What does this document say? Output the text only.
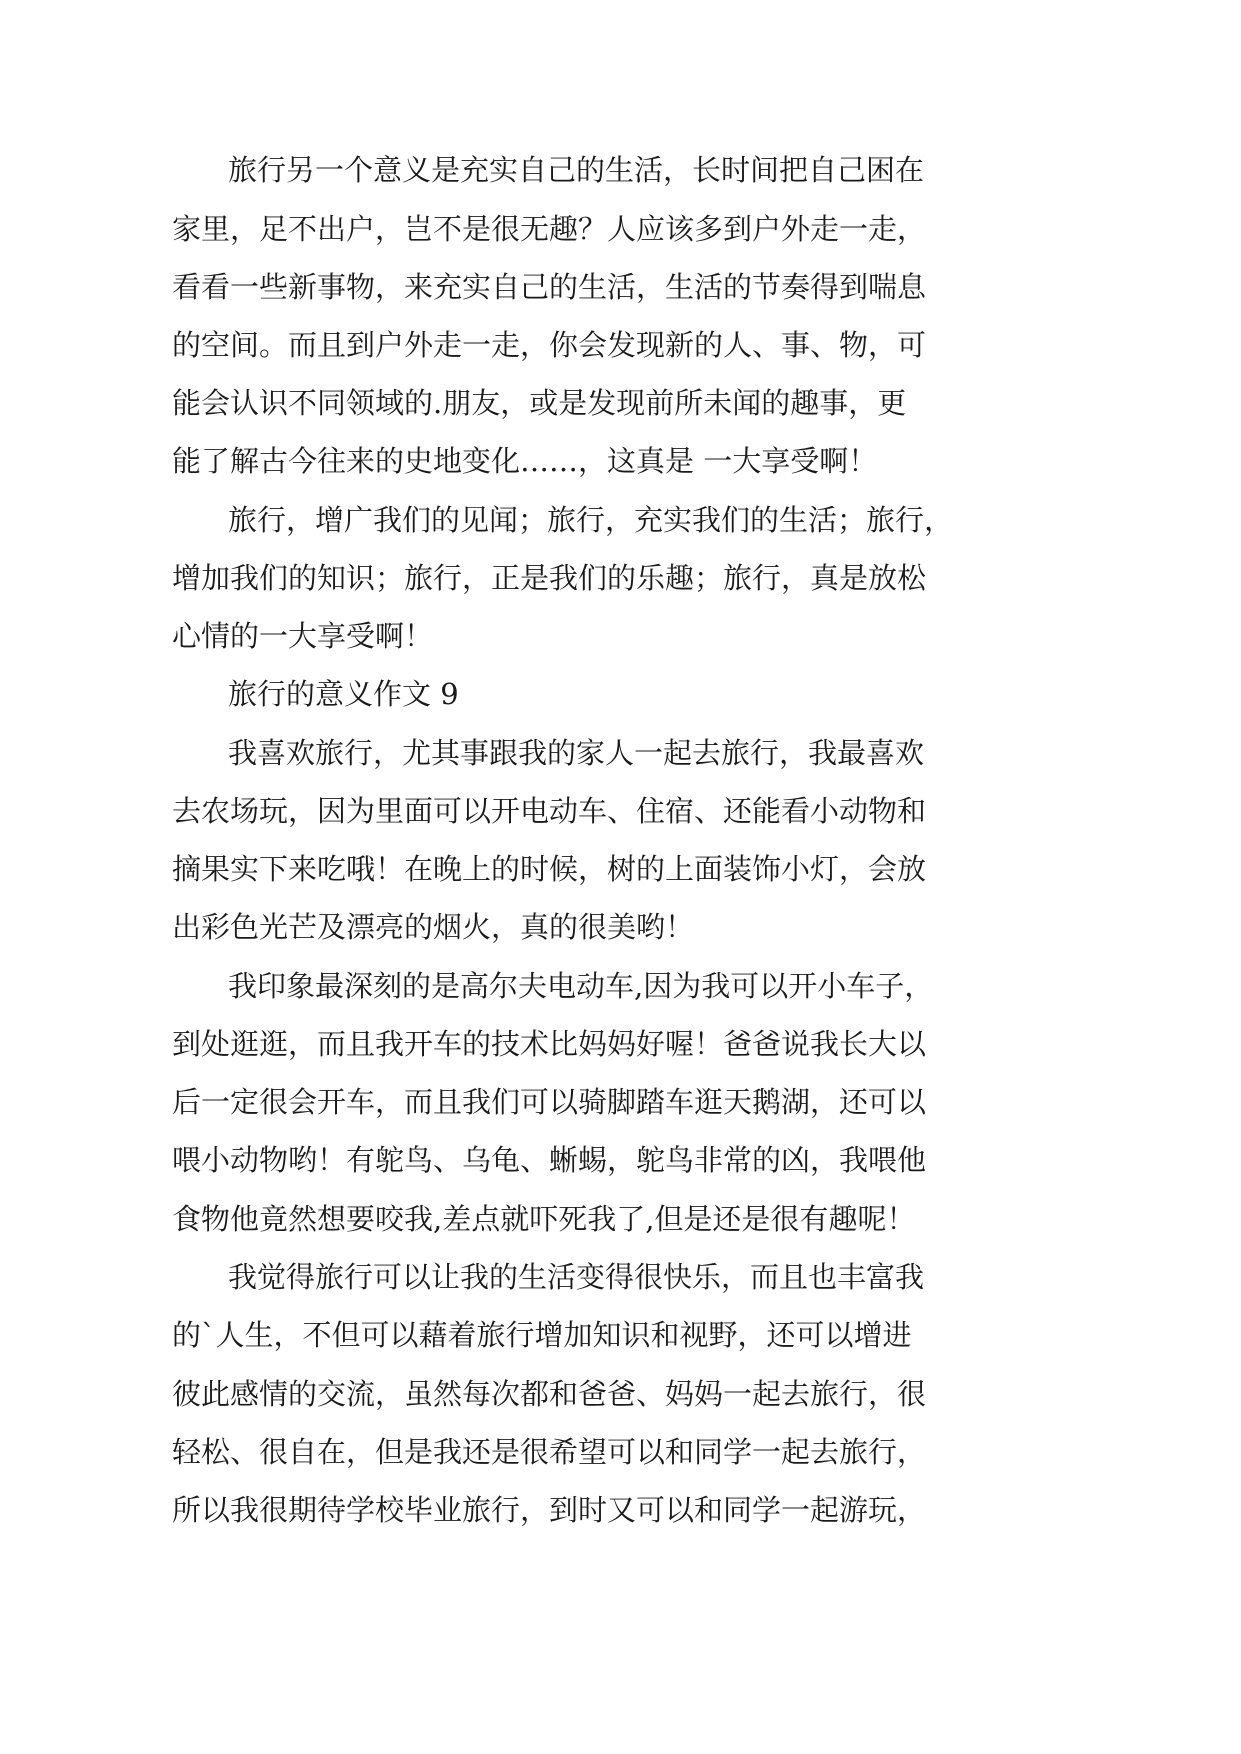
旅行另一个意义是充实自己的生活，长时间把自己困在
家里，足不出户，岂不是很无趣？人应该多到户外走一走，
看看一些新事物，来充实自己的生活，生活的节奏得到喘息
的空间。而且到户外走一走，你会发现新的人、事、物，可
能会认识不同领域的.朋友，或是发现前所未闻的趣事，更
能了解古今往来的史地变化……，这真是 一大享受啊！
旅行，增广我们的见闻；旅行，充实我们的生活；旅行，
增加我们的知识；旅行，正是我们的乐趣；旅行，真是放松
心情的一大享受啊！
旅行的意义作文 9
我喜欢旅行，尤其事跟我的家人一起去旅行，我最喜欢
去农场玩，因为里面可以开电动车、住宿、还能看小动物和
摘果实下来吃哦！在晚上的时候，树的上面装饰小灯，会放
出彩色光芒及漂亮的烟火，真的很美哟！
我印象最深刻的是高尔夫电动车,因为我可以开小车子，
到处逛逛，而且我开车的技术比妈妈好喔！爸爸说我长大以
后一定很会开车，而且我们可以骑脚踏车逛天鹅湖，还可以
喂小动物哟！有鸵鸟、乌龟、蜥蜴，鸵鸟非常的凶，我喂他
食物他竟然想要咬我,差点就吓死我了,但是还是很有趣呢！
我觉得旅行可以让我的生活变得很快乐，而且也丰富我
的`人生，不但可以藉着旅行增加知识和视野，还可以增进
彼此感情的交流，虽然每次都和爸爸、妈妈一起去旅行，很
轻松、很自在，但是我还是很希望可以和同学一起去旅行，
所以我很期待学校毕业旅行，到时又可以和同学一起游玩，
